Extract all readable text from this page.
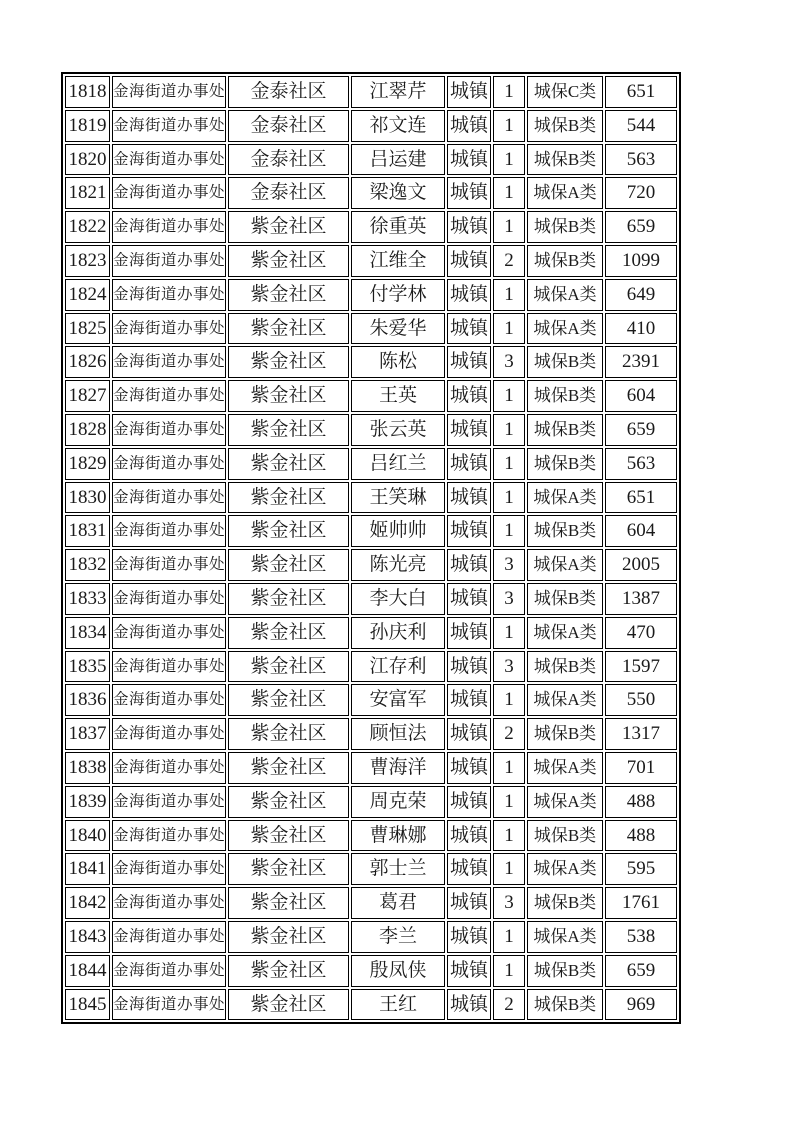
1818	金海街道办事处	金泰社区	江翠芹	城镇	1	城保C类	651
1819	金海街道办事处	金泰社区	祁文连	城镇	1	城保B类	544
1820	金海街道办事处	金泰社区	吕运建	城镇	1	城保B类	563
1821	金海街道办事处	金泰社区	梁逸文	城镇	1	城保A类	720
1822	金海街道办事处	紫金社区	徐重英	城镇	1	城保B类	659
1823	金海街道办事处	紫金社区	江维全	城镇	2	城保B类	1099
1824	金海街道办事处	紫金社区	付学林	城镇	1	城保A类	649
1825	金海街道办事处	紫金社区	朱爱华	城镇	1	城保A类	410
1826	金海街道办事处	紫金社区	陈松	城镇	3	城保B类	2391
1827	金海街道办事处	紫金社区	王英	城镇	1	城保B类	604
1828	金海街道办事处	紫金社区	张云英	城镇	1	城保B类	659
1829	金海街道办事处	紫金社区	吕红兰	城镇	1	城保B类	563
1830	金海街道办事处	紫金社区	王笑琳	城镇	1	城保A类	651
1831	金海街道办事处	紫金社区	姬帅帅	城镇	1	城保B类	604
1832	金海街道办事处	紫金社区	陈光亮	城镇	3	城保A类	2005
1833	金海街道办事处	紫金社区	李大白	城镇	3	城保B类	1387
1834	金海街道办事处	紫金社区	孙庆利	城镇	1	城保A类	470
1835	金海街道办事处	紫金社区	江存利	城镇	3	城保B类	1597
1836	金海街道办事处	紫金社区	安富军	城镇	1	城保A类	550
1837	金海街道办事处	紫金社区	顾恒法	城镇	2	城保B类	1317
1838	金海街道办事处	紫金社区	曹海洋	城镇	1	城保A类	701
1839	金海街道办事处	紫金社区	周克荣	城镇	1	城保A类	488
1840	金海街道办事处	紫金社区	曹琳娜	城镇	1	城保B类	488
1841	金海街道办事处	紫金社区	郭士兰	城镇	1	城保A类	595
1842	金海街道办事处	紫金社区	葛君	城镇	3	城保B类	1761
1843	金海街道办事处	紫金社区	李兰	城镇	1	城保A类	538
1844	金海街道办事处	紫金社区	殷凤侠	城镇	1	城保B类	659
1845	金海街道办事处	紫金社区	王红	城镇	2	城保B类	969
